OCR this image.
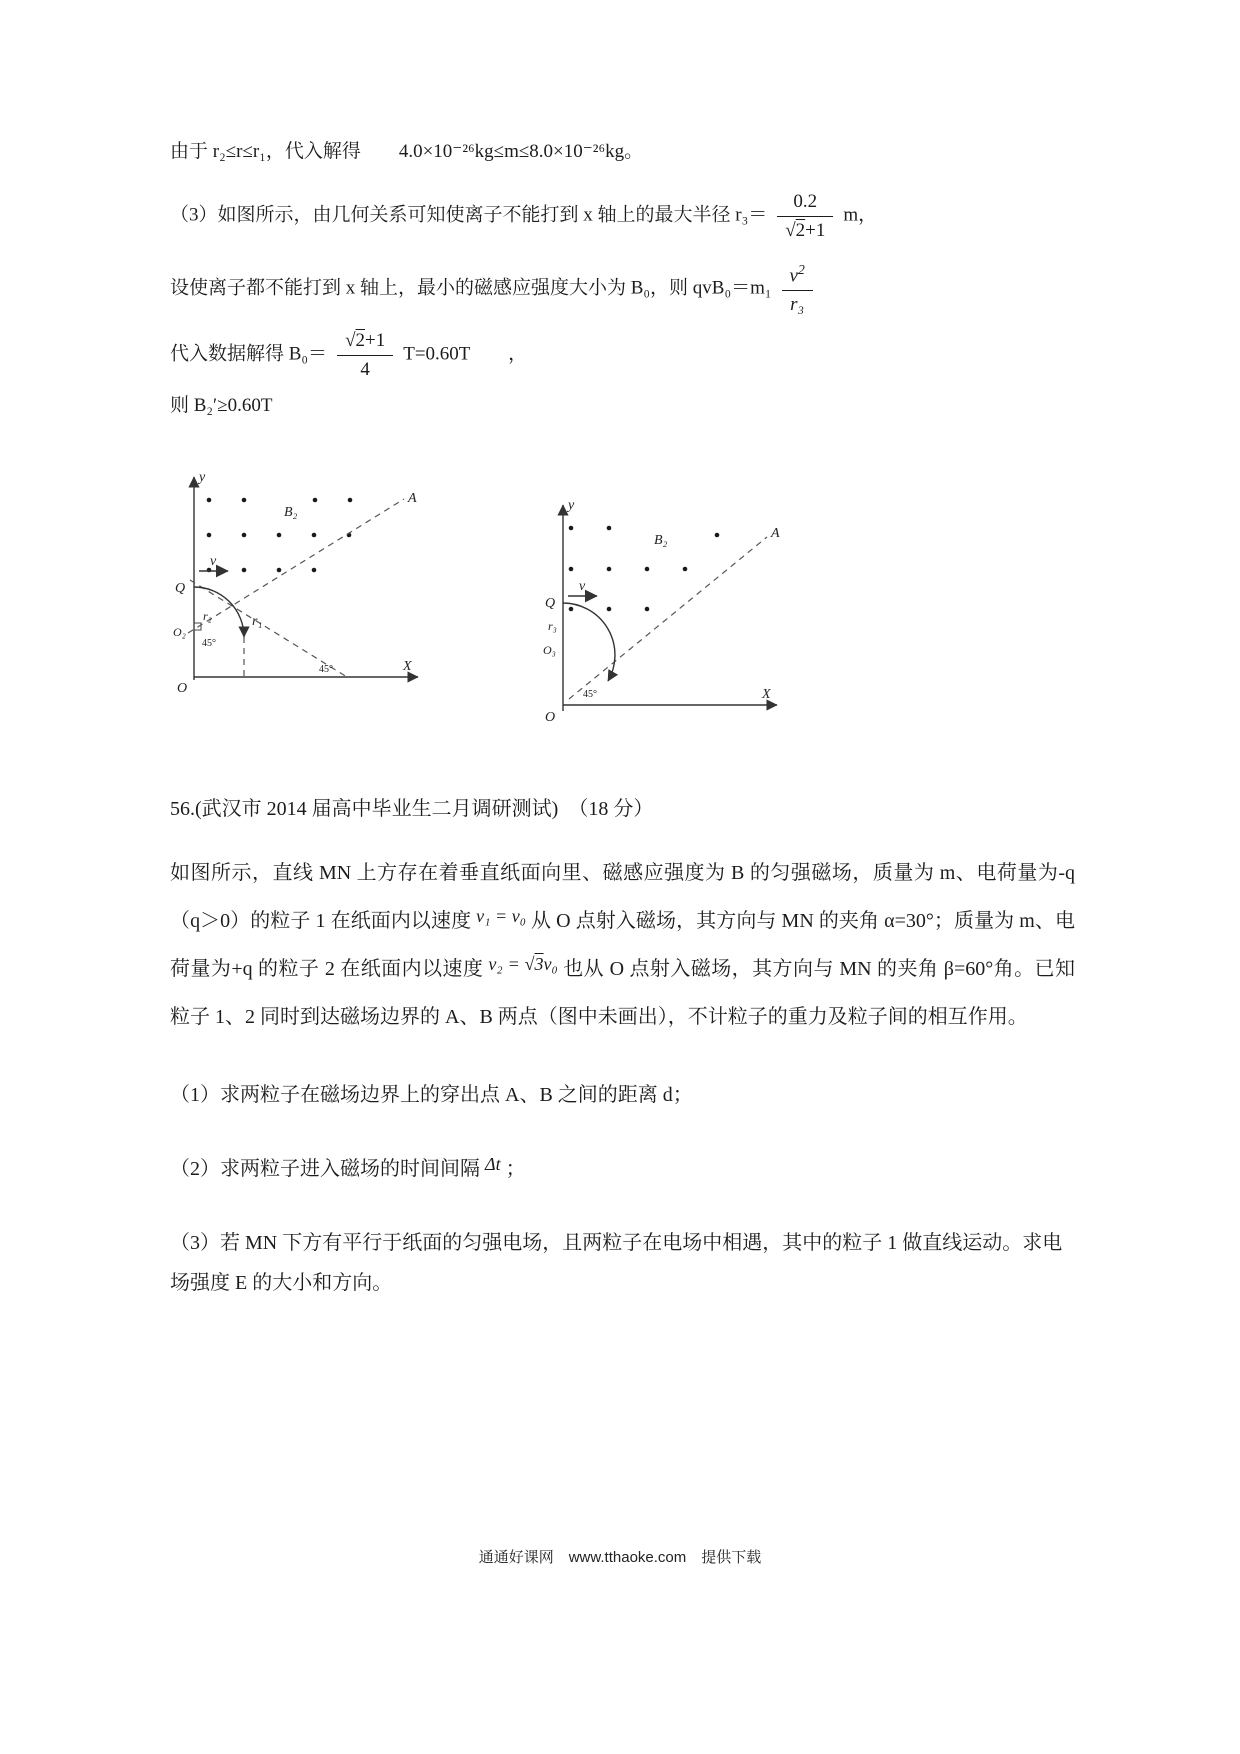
由于 r₂≤r≤r₁，代入解得　　4.0×10⁻²⁶kg≤m≤8.0×10⁻²⁶kg。

（3）如图所示，由几何关系可知使离子不能打到 x 轴上的最大半径 $r_3= \frac{0.2}{√2+1}$ m，

设使离子都不能打到 x 轴上，最小的磁感应强度大小为 B₀，则 $qvB_0=m_1 \frac{v^2}{\text{r₃}}$

代入数据解得 $B_0= \frac{√2+1}{4} T=0.60T$　　，

则 B₂′≥0.60T

y
X
O
Q
O₂
r₂
45°
45°
r₁
v
B₂
A	y
X
O
Q
r₃
O₃
45°
v
B₂	A

56.(武汉市 2014 届高中毕业生二月调研测试)　（18 分）

如图所示，直线 MN 上方存在着垂直纸面向里、磁感应强度为 B 的匀强磁场，质量为 m、电荷量为-q（q＞0）的粒子 1 在纸面内以速度 v₁ = v₀ 从 O 点射入磁场，其方向与 MN 的夹角 α=30°；质量为 m、电荷量为+q 的粒子 2 在纸面内以速度 v₂ = √3v₀ 也从 O 点射入磁场，其方向与 MN 的夹角 β=60°角。已知粒子 1、2 同时到达磁场边界的 A、B 两点（图中未画出），不计粒子的重力及粒子间的相互作用。

（1）求两粒子在磁场边界上的穿出点 A、B 之间的距离 d；

（2）求两粒子进入磁场的时间间隔 Δt ；

（3）若 MN 下方有平行于纸面的匀强电场，且两粒子在电场中相遇，其中的粒子 1 做直线运动。求电场强度 E 的大小和方向。

通通好课网　www.tthaoke.com　提供下载
